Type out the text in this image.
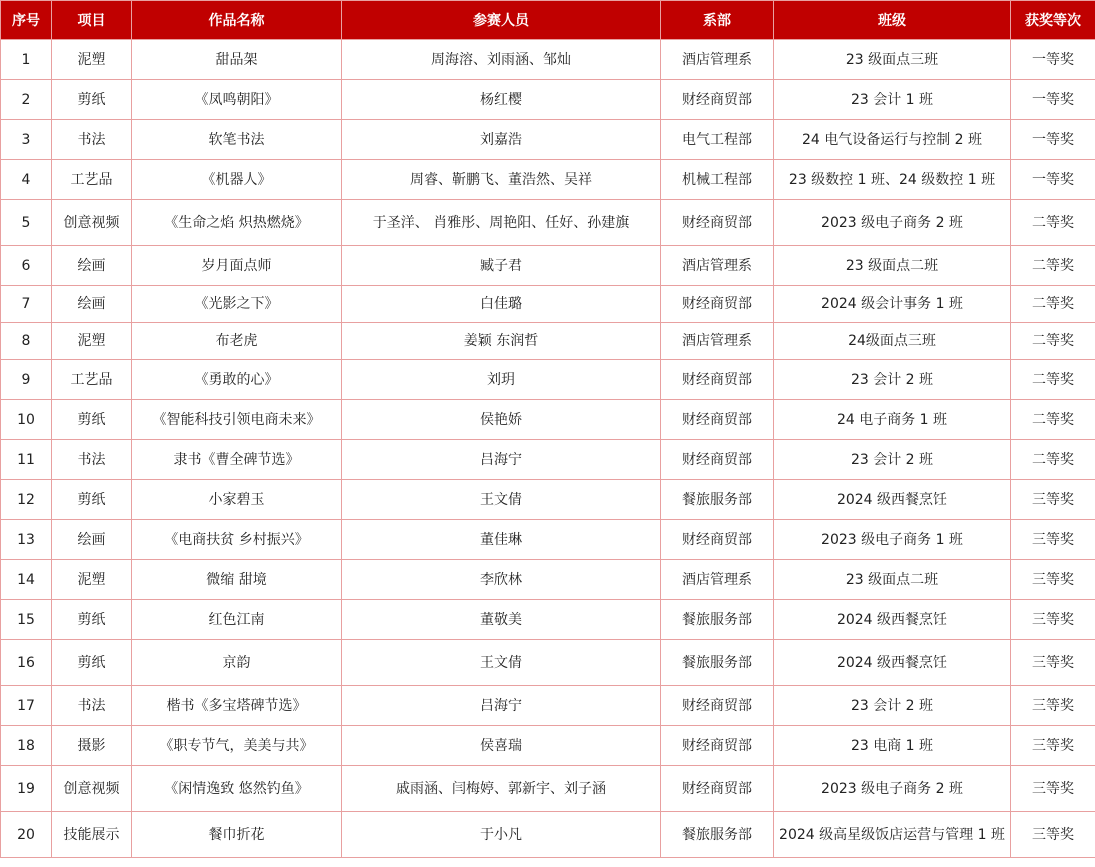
序号	项目	作品名称	参赛人员	系部	班级	获奖等次
1	泥塑	甜品架	周海溶、刘雨涵、邹灿	酒店管理系	23 级面点三班	一等奖
2	剪纸	《凤鸣朝阳》	杨红樱	财经商贸部	23 会计 1 班	一等奖
3	书法	软笔书法	刘嘉浩	电气工程部	24 电气设备运行与控制 2 班	一等奖
4	工艺品	《机器人》	周睿、靳鹏飞、董浩然、吴祥	机械工程部	23 级数控 1 班、24 级数控 1 班	一等奖
5	创意视频	《生命之焰 炽热燃烧》	于圣洋、 肖雅彤、周艳阳、任好、孙建旗	财经商贸部	2023 级电子商务 2 班	二等奖
6	绘画	岁月面点师	臧子君	酒店管理系	23 级面点二班	二等奖
7	绘画	《光影之下》	白佳璐	财经商贸部	2024 级会计事务 1 班	二等奖
8	泥塑	布老虎	姜颖 东润哲	酒店管理系	24级面点三班	二等奖
9	工艺品	《勇敢的心》	刘玥	财经商贸部	23 会计 2 班	二等奖
10	剪纸	《智能科技引领电商未来》	侯艳娇	财经商贸部	24 电子商务 1 班	二等奖
11	书法	隶书《曹全碑节选》	吕海宁	财经商贸部	23 会计 2 班	二等奖
12	剪纸	小家碧玉	王文倩	餐旅服务部	2024 级西餐烹饪	三等奖
13	绘画	《电商扶贫 乡村振兴》	董佳琳	财经商贸部	2023 级电子商务 1 班	三等奖
14	泥塑	微缩 甜境	李欣林	酒店管理系	23 级面点二班	三等奖
15	剪纸	红色江南	董敬美	餐旅服务部	2024 级西餐烹饪	三等奖
16	剪纸	京韵	王文倩	餐旅服务部	2024 级西餐烹饪	三等奖
17	书法	楷书《多宝塔碑节选》	吕海宁	财经商贸部	23 会计 2 班	三等奖
18	摄影	《职专节气，美美与共》	侯喜瑞	财经商贸部	23 电商 1 班	三等奖
19	创意视频	《闲情逸致 悠然钓鱼》	戚雨涵、闫梅婷、郭新宇、刘子涵	财经商贸部	2023 级电子商务 2 班	三等奖
20	技能展示	餐巾折花	于小凡	餐旅服务部	2024 级高星级饭店运营与管理 1 班	三等奖
